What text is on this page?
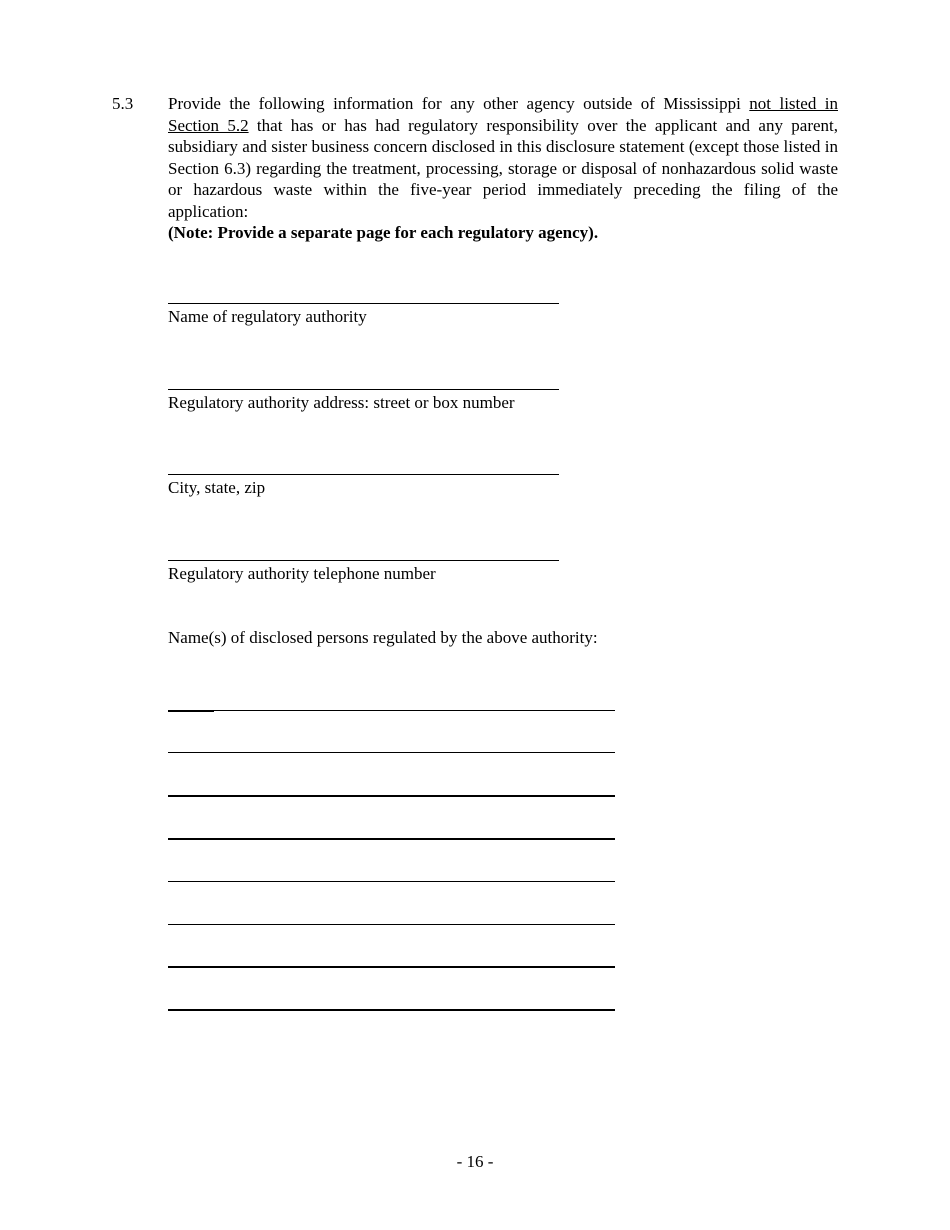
5.3 Provide the following information for any other agency outside of Mississippi not listed in Section 5.2 that has or has had regulatory responsibility over the applicant and any parent, subsidiary and sister business concern disclosed in this disclosure statement (except those listed in Section 6.3) regarding the treatment, processing, storage or disposal of nonhazardous solid waste or hazardous waste within the five-year period immediately preceding the filing of the application:
(Note: Provide a separate page for each regulatory agency).
Name of regulatory authority
Regulatory authority address: street or box number
City, state, zip
Regulatory authority telephone number
Name(s) of disclosed persons regulated by the above authority:
- 16 -
